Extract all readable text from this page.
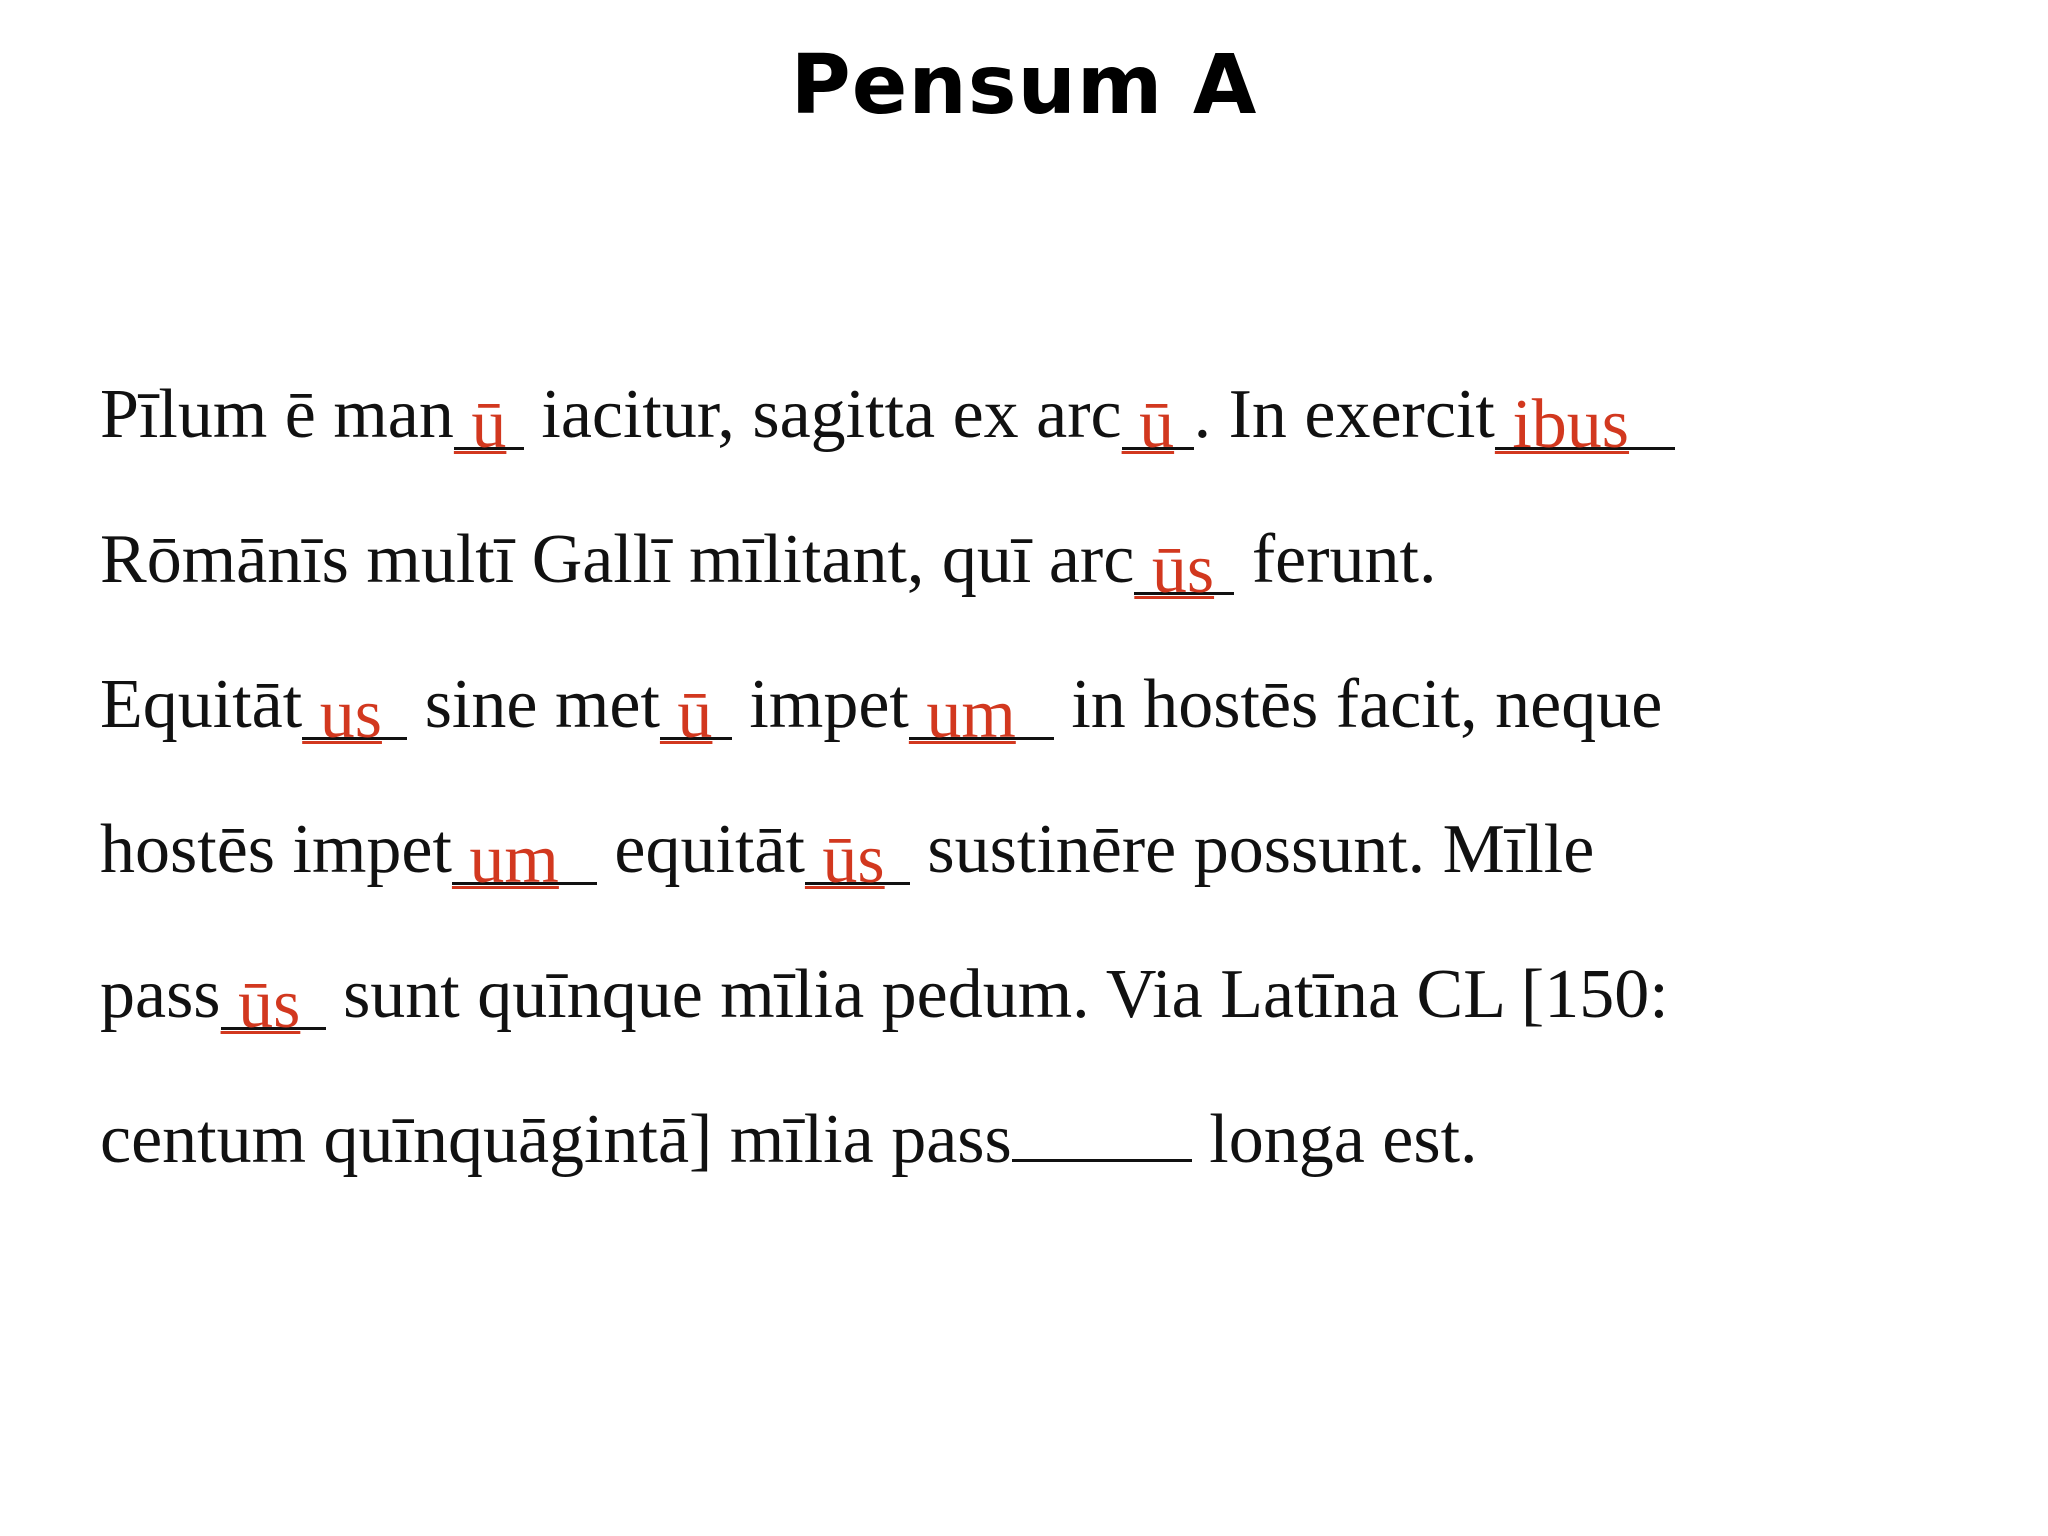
Pensum A
Pīlum ē man ū iacitur, sagitta ex arc ū . In exercit ibus
Rōmānīs multī Gallī mīlitant, quī arc ūs ferunt.
Equitāt us sine met ū impet um in hostēs facit, neque
hostēs impet um equitāt ūs sustinēre possunt. Mīlle
pass ūs sunt quīnque mīlia pedum. Via Latīna CL [150:
centum quīnquāgintā] mīlia pass	longa est.
